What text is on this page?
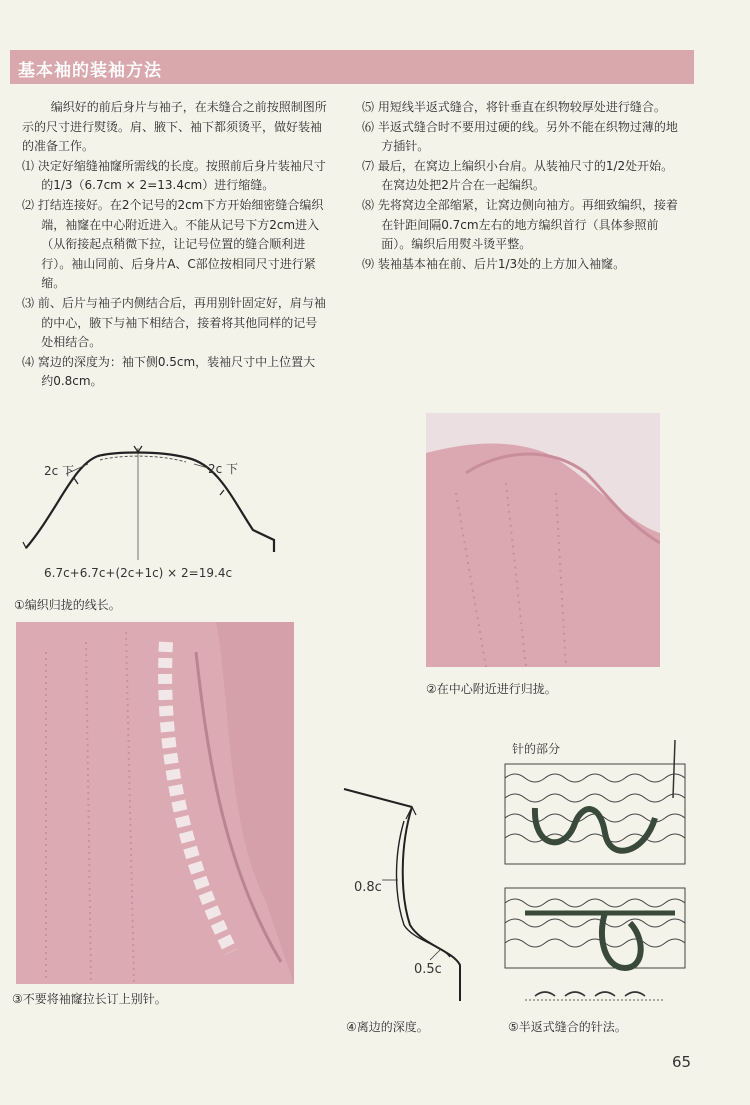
基本袖的装袖方法

编织好的前后身片与袖子，在未缝合之前按照制图所示的尺寸进行熨烫。肩、腋下、袖下都须烫平，做好装袖的准备工作。

⑴ 决定好缩缝袖窿所需线的长度。按照前后身片装袖尺寸的1/3（6.7cm × 2=13.4cm）进行缩缝。

⑵ 打结连接好。在2个记号的2cm下方开始细密缝合编织端，袖窿在中心附近进入。不能从记号下方2cm进入（从衔接起点稍微下拉，让记号位置的缝合顺利进行）。袖山同前、后身片A、C部位按相同尺寸进行紧缩。

⑶ 前、后片与袖子内侧结合后，再用别针固定好，肩与袖的中心，腋下与袖下相结合，接着将其他同样的记号处相结合。

⑷ 窝边的深度为：袖下侧0.5cm，装袖尺寸中上位置大约0.8cm。

⑸ 用短线半返式缝合，将针垂直在织物较厚处进行缝合。

⑹ 半返式缝合时不要用过硬的线。另外不能在织物过薄的地方插针。

⑺ 最后，在窝边上编织小台肩。从装袖尺寸的1/2处开始。在窝边处把2片合在一起编织。

⑻ 先将窝边全部缩紧，让窝边侧向袖方。再细致编织，接着在针距间隔0.7cm左右的地方编织首行（具体参照前面）。编织后用熨斗烫平整。

⑼ 装袖基本袖在前、后片1/3处的上方加入袖窿。

2c 下	2c 下
6.7c+6.7c+(2c+1c) × 2=19.4c
①编织归拢的线长。
③不要将袖窿拉长订上别针。
②在中心附近进行归拢。
0.8c
0.5c
④离边的深度。
针的部分
⑤半返式缝合的针法。
65
